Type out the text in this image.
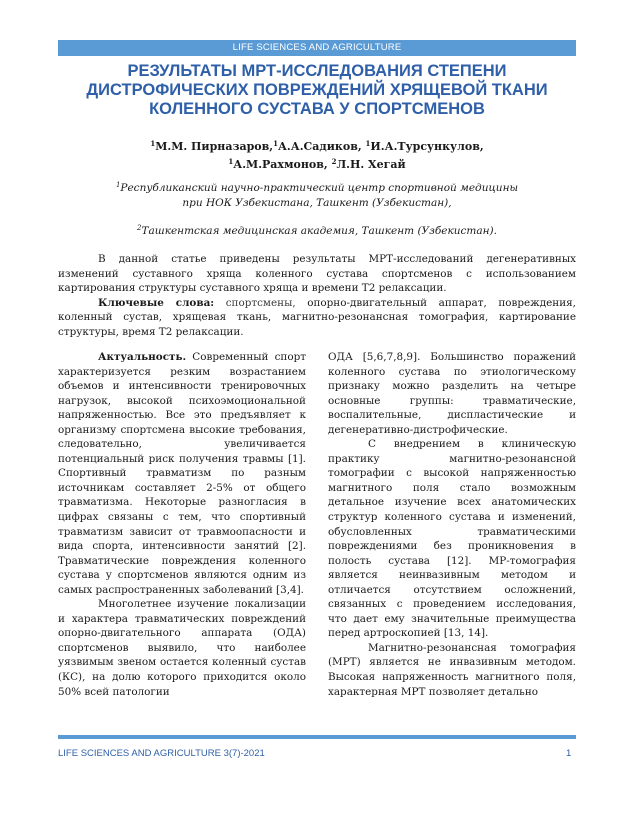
LIFE SCIENCES AND AGRICULTURE
РЕЗУЛЬТАТЫ МРТ-ИССЛЕДОВАНИЯ СТЕПЕНИ
ДИСТРОФИЧЕСКИХ ПОВРЕЖДЕНИЙ ХРЯЩЕВОЙ ТКАНИ
КОЛЕННОГО СУСТАВА У СПОРТСМЕНОВ
$^1$М.М. Пирназаров,$^1$А.А.Садиков, $^1$И.А.Турсункулов,
$^1$А.М.Рахмонов, $^2$Л.Н. Хегай
$^1$Республиканский научно-практический центр спортивной медицины
при НОК Узбекистана, Ташкент (Узбекистан),
$^2$Ташкентская медицинская академия, Ташкент (Узбекистан).

В данной статье приведены результаты МРТ-исследований дегенеративных изменений суставного хряща коленного сустава спортсменов с использованием картирования структуры суставного хряща и времени Т2 релаксации.

Ключевые слова: спортсмены, опорно-двигательный аппарат, повреждения, коленный сустав, хрящевая ткань, магнитно-резонансная томография, картирование структуры, время Т2 релаксации.

Актуальность. Современный спорт характеризуется резким возрастанием объемов и интенсивности тренировочных нагрузок, высокой психоэмоциональной напряженностью. Все это предъявляет к организму спортсмена высокие требования, следовательно, увеличивается потенциальный риск получения травмы [1]. Спортивный травматизм по разным источникам составляет 2-5% от общего травматизма. Некоторые разногласия в цифрах связаны с тем, что спортивный травматизм зависит от травмоопасности и вида спорта, интенсивности занятий [2]. Травматические повреждения коленного сустава у спортсменов являются одним из самых распространенных заболеваний [3,4].

Многолетнее изучение локализации и характера травматических повреждений опорно-двигательного аппарата (ОДА) спортсменов выявило, что наиболее уязвимым звеном остается коленный сустав (КС), на долю которого приходится около 50% всей патологии

ОДА [5,6,7,8,9]. Большинство поражений коленного сустава по этиологическому признаку можно разделить на четыре основные группы: травматические, воспалительные, диспластические и дегенеративно-дистрофические.

С внедрением в клиническую практику магнитно-резонансной томографии с высокой напряженностью магнитного поля стало возможным детальное изучение всех анатомических структур коленного сустава и изменений, обусловленных травматическими повреждениями без проникновения в полость сустава [12]. МР-томография является неинвазивным методом и отличается отсутствием осложнений, связанных с проведением исследования, что дает ему значительные преимущества перед артроскопией [13, 14].

Магнитно-резонансная томография (МРТ) является не инвазивным методом. Высокая напряженность магнитного поля, характерная МРТ позволяет детально

LIFE SCIENCES AND AGRICULTURE 3(7)-2021	1
